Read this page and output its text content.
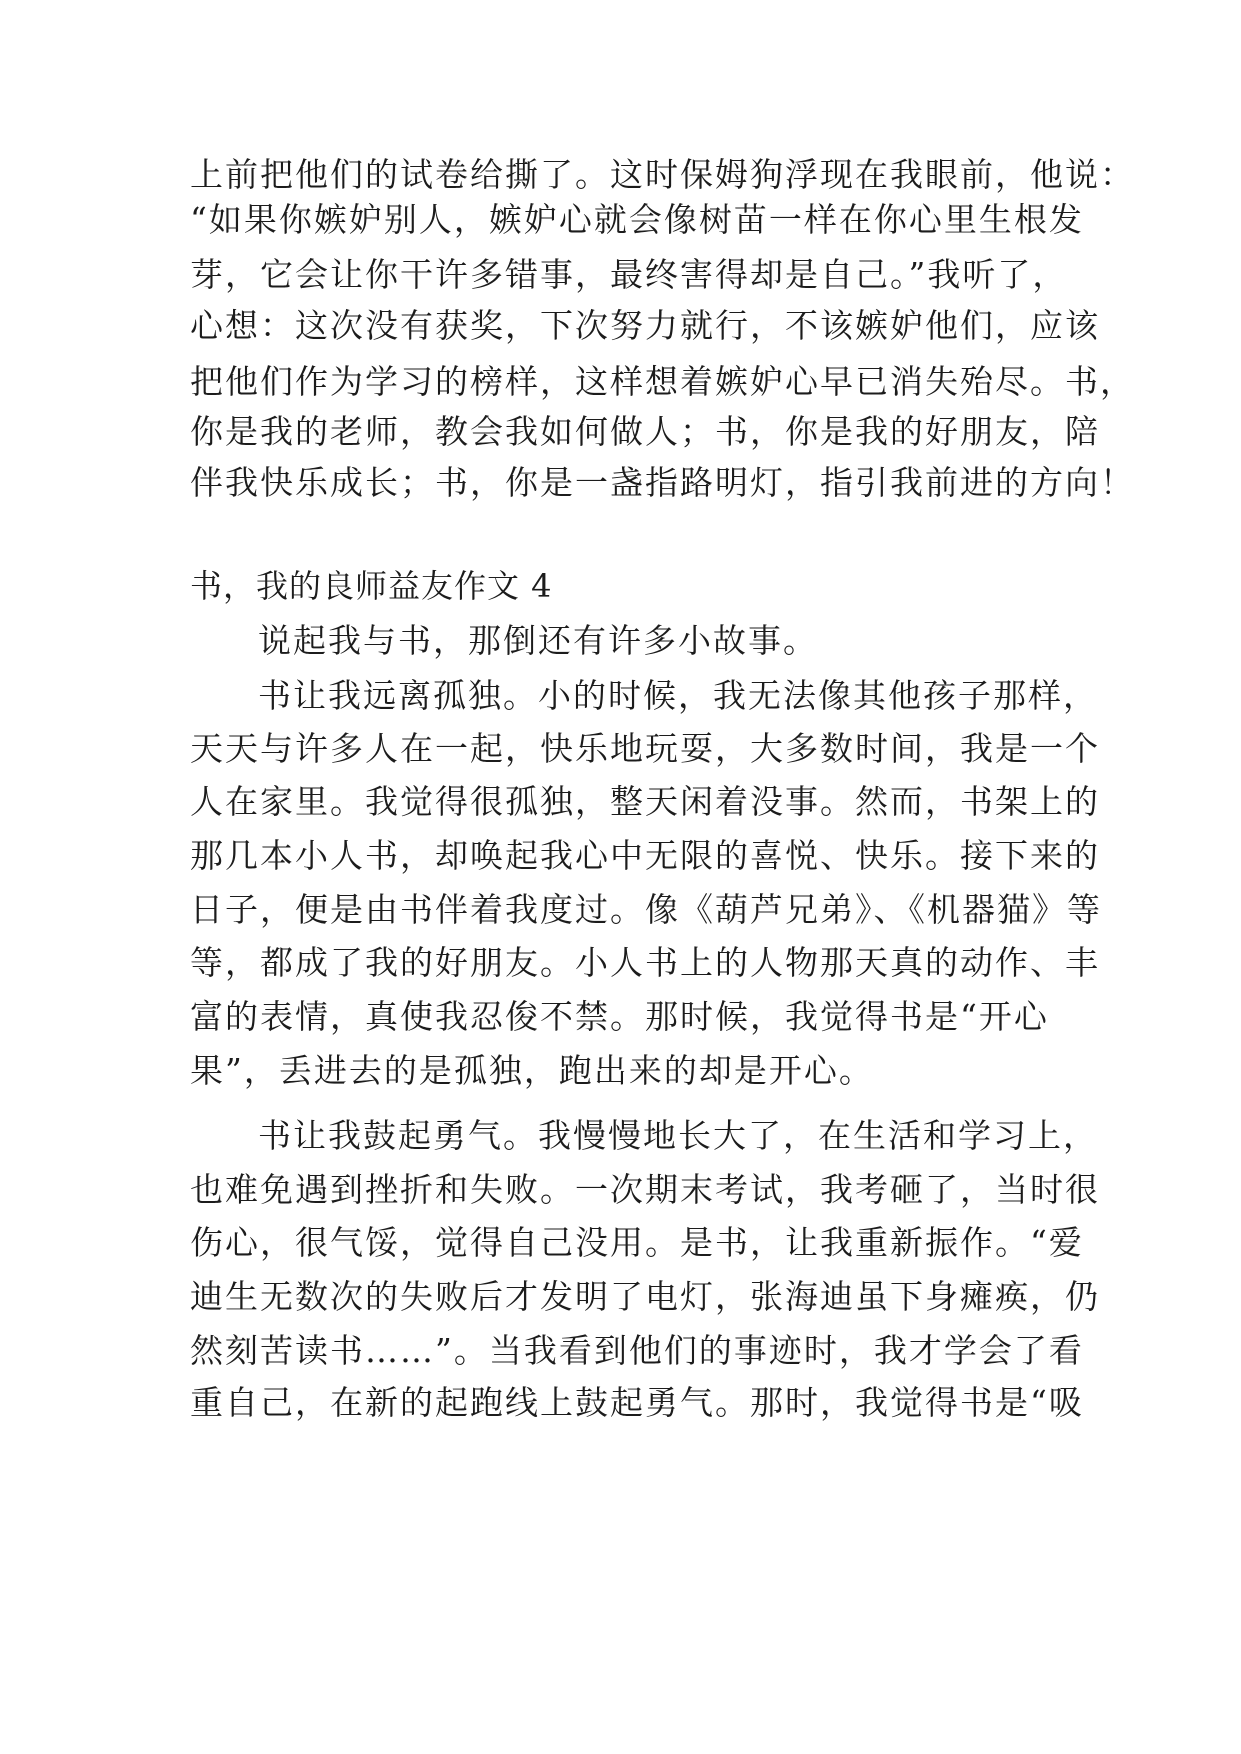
上前把他们的试卷给撕了。这时保姆狗浮现在我眼前，他说：
“如果你嫉妒别人，嫉妒心就会像树苗一样在你心里生根发
芽，它会让你干许多错事，最终害得却是自己。”我听了，
心想：这次没有获奖，下次努力就行，不该嫉妒他们，应该
把他们作为学习的榜样，这样想着嫉妒心早已消失殆尽。书，
你是我的老师，教会我如何做人；书，你是我的好朋友，陪
伴我快乐成长；书，你是一盏指路明灯，指引我前进的方向！
书，我的良师益友作文 4
说起我与书，那倒还有许多小故事。
书让我远离孤独。小的时候，我无法像其他孩子那样，
天天与许多人在一起，快乐地玩耍，大多数时间，我是一个
人在家里。我觉得很孤独，整天闲着没事。然而，书架上的
那几本小人书，却唤起我心中无限的喜悦、快乐。接下来的
日子，便是由书伴着我度过。像《葫芦兄弟》、《机器猫》等
等，都成了我的好朋友。小人书上的人物那天真的动作、丰
富的表情，真使我忍俊不禁。那时候，我觉得书是“开心
果”，丢进去的是孤独，跑出来的却是开心。
书让我鼓起勇气。我慢慢地长大了，在生活和学习上，
也难免遇到挫折和失败。一次期末考试，我考砸了，当时很
伤心，很气馁，觉得自己没用。是书，让我重新振作。“爱
迪生无数次的失败后才发明了电灯，张海迪虽下身瘫痪，仍
然刻苦读书……”。当我看到他们的事迹时，我才学会了看
重自己，在新的起跑线上鼓起勇气。那时，我觉得书是“吸
